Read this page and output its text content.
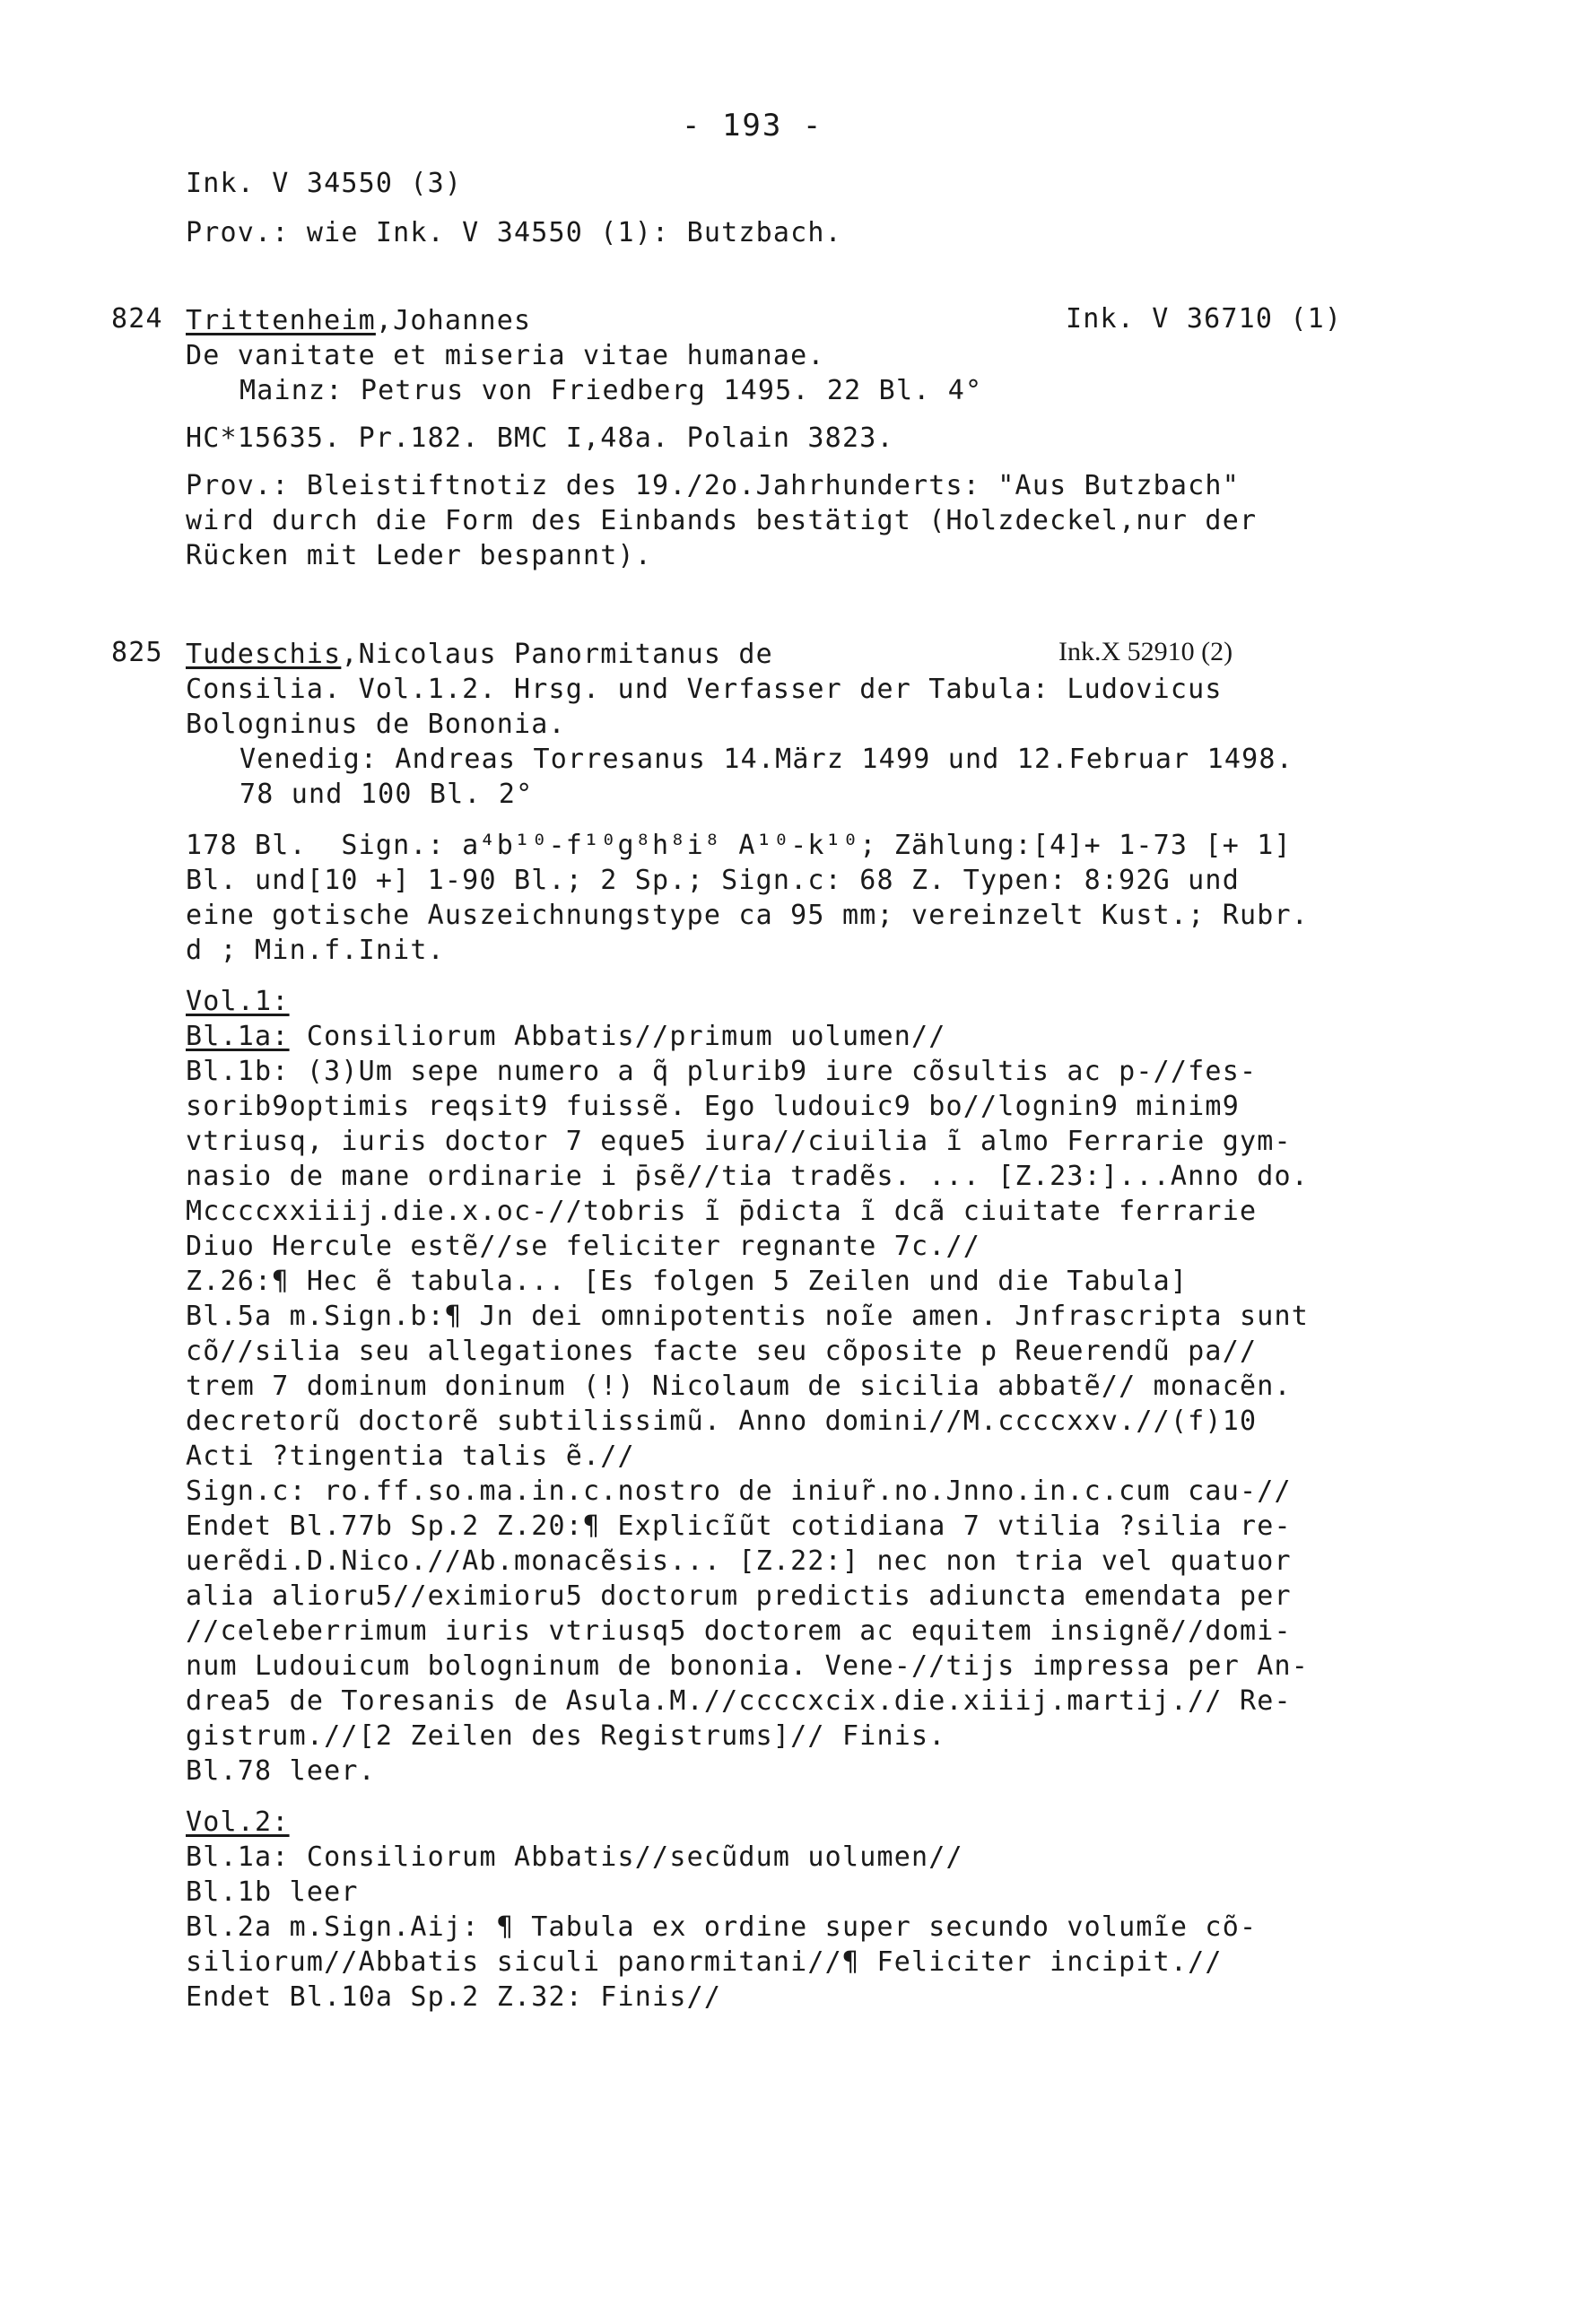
- 193 -
Ink. V 34550 (3)
Prov.: wie Ink. V 34550 (1): Butzbach.
824	Ink. V 36710 (1)
Trittenheim,Johannes
De vanitate et miseria vitae humanae.
Mainz: Petrus von Friedberg 1495. 22 Bl. 4°
HC*15635. Pr.182. BMC I,48a. Polain 3823.
Prov.: Bleistiftnotiz des 19./2o.Jahrhunderts: "Aus Butzbach"
wird durch die Form des Einbands bestätigt (Holzdeckel,nur der
Rücken mit Leder bespannt).
825	Ink.X 52910 (2)
Tudeschis,Nicolaus Panormitanus de
Consilia. Vol.1.2. Hrsg. und Verfasser der Tabula: Ludovicus
Bologninus de Bononia.
Venedig: Andreas Torresanus 14.März 1499 und 12.Februar 1498.
78 und 100 Bl. 2°
178 Bl.  Sign.: a⁴b¹⁰-f¹⁰g⁸h⁸i⁸ A¹⁰-k¹⁰; Zählung:[4]+ 1-73 [+ 1]
Bl. und[10 +] 1-90 Bl.; 2 Sp.; Sign.c: 68 Z. Typen: 8:92G und
eine gotische Auszeichnungstype ca 95 mm; vereinzelt Kust.; Rubr.
d ; Min.f.Init.
Vol.1:
Bl.1a: Consiliorum Abbatis//primum uolumen//
Bl.1b: (3)Um sepe numero a q̃ plurib9 iure cõsultis ac p-//fes-
sorib9optimis reqsit9 fuissẽ. Ego ludouic9 bo//lognin9 minim9
vtriusq, iuris doctor 7 eque5 iura//ciuilia ĩ almo Ferrarie gym-
nasio de mane ordinarie i p̄sẽ//tia tradẽs. ... [Z.23:]...Anno do.
Mccccxxiiij.die.x.oc-//tobris ĩ p̄dicta ĩ dcã ciuitate ferrarie
Diuo Hercule estẽ//se feliciter regnante 7c.//
Z.26:¶ Hec ẽ tabula... [Es folgen 5 Zeilen und die Tabula]
Bl.5a m.Sign.b:¶ Jn dei omnipotentis noĩe amen. Jnfrascripta sunt
cõ//silia seu allegationes facte seu cõposite p Reuerendũ pa//
trem 7 dominum doninum (!) Nicolaum de sicilia abbatẽ// monacẽn.
decretorũ doctorẽ subtilissimũ. Anno domini//M.ccccxxv.//(f)10
Acti ?tingentia talis ẽ.//
Sign.c: ro.ff.so.ma.in.c.nostro de iniur̃.no.Jnno.in.c.cum cau-//
Endet Bl.77b Sp.2 Z.20:¶ Explicĩũt cotidiana 7 vtilia ?silia re-
uerẽdi.D.Nico.//Ab.monacẽsis... [Z.22:] nec non tria vel quatuor
alia alioru5//eximioru5 doctorum predictis adiuncta emendata per
//celeberrimum iuris vtriusq5 doctorem ac equitem insignẽ//domi-
num Ludouicum bologninum de bononia. Vene-//tijs impressa per An-
drea5 de Toresanis de Asula.M.//ccccxcix.die.xiiij.martij.// Re-
gistrum.//[2 Zeilen des Registrums]// Finis.
Bl.78 leer.
Vol.2:
Bl.1a: Consiliorum Abbatis//secũdum uolumen//
Bl.1b leer
Bl.2a m.Sign.Aij: ¶ Tabula ex ordine super secundo volumĩe cõ-
siliorum//Abbatis siculi panormitani//¶ Feliciter incipit.//
Endet Bl.10a Sp.2 Z.32: Finis//
